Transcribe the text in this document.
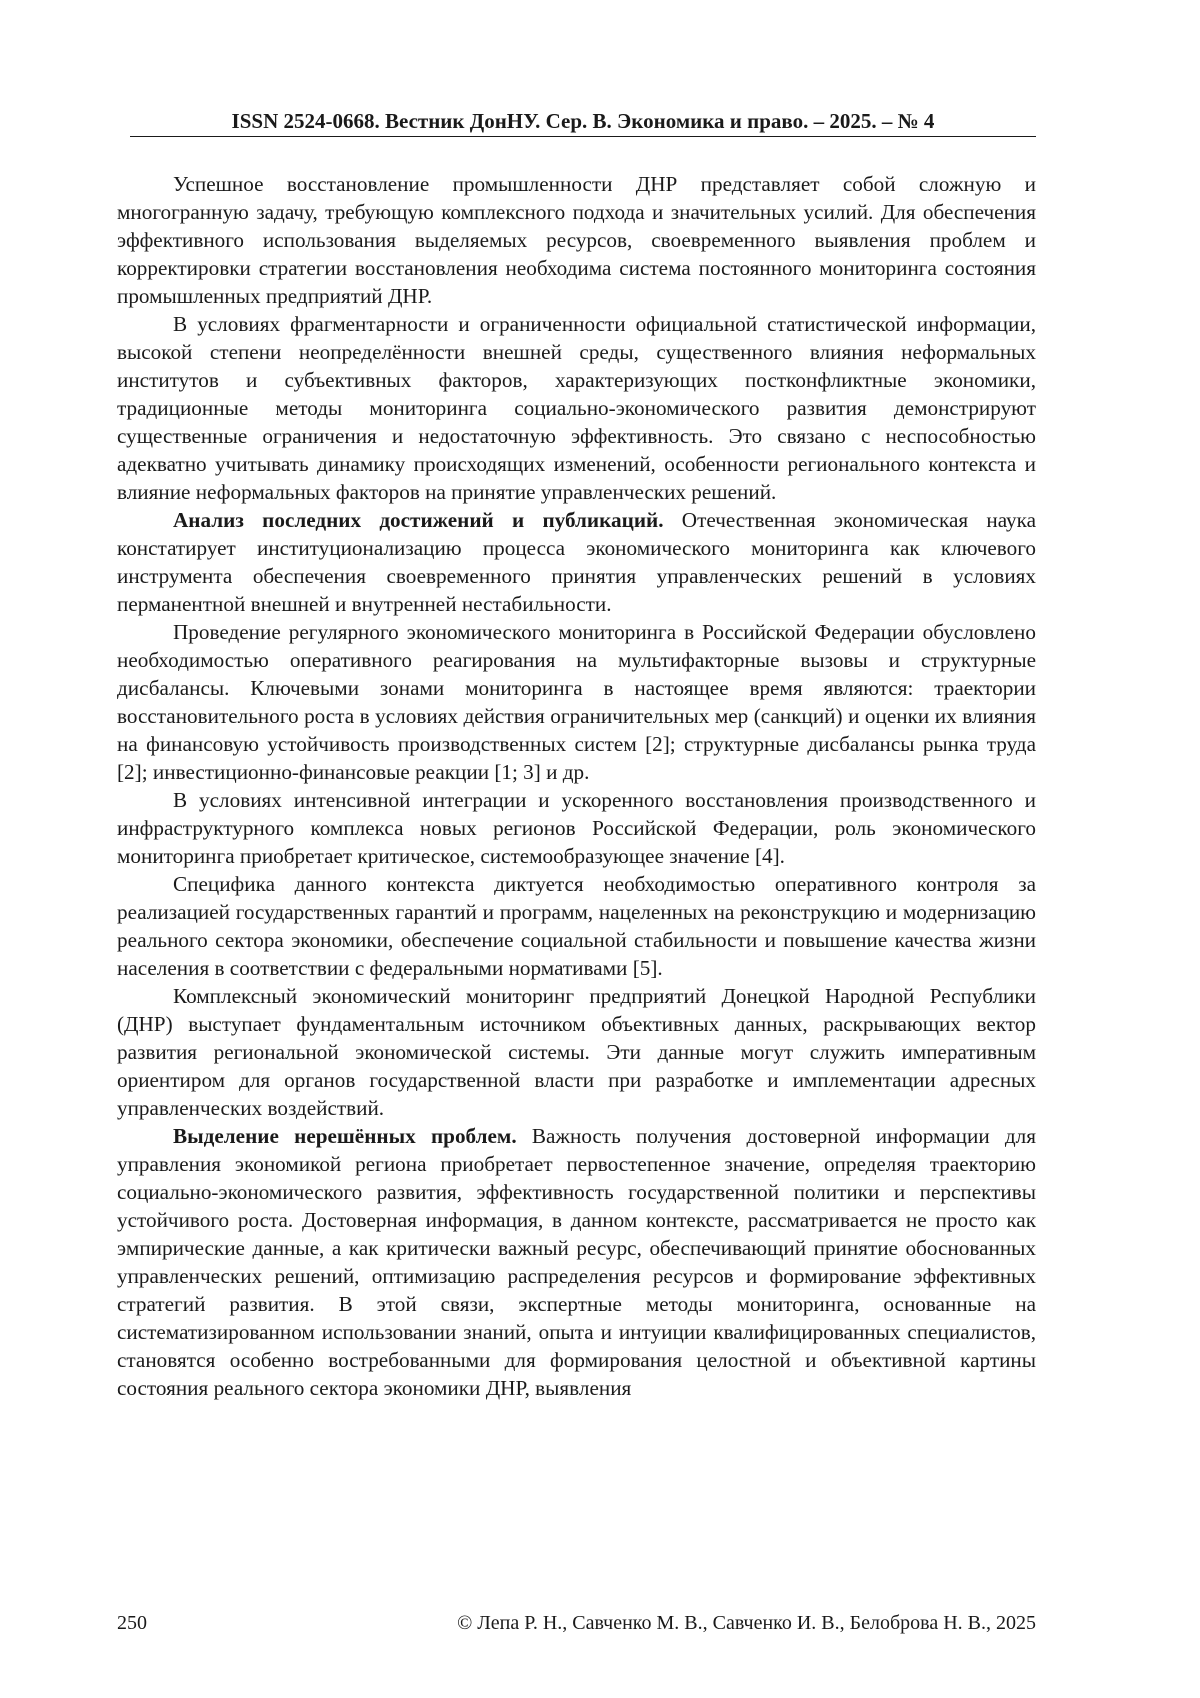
ISSN 2524-0668. Вестник ДонНУ. Сер. В. Экономика и право. – 2025. – № 4

Успешное восстановление промышленности ДНР представляет собой сложную и многогранную задачу, требующую комплексного подхода и значительных усилий. Для обеспечения эффективного использования выделяемых ресурсов, своевременного выявления проблем и корректировки стратегии восстановления необходима система постоянного мониторинга состояния промышленных предприятий ДНР.

В условиях фрагментарности и ограниченности официальной статистической информации, высокой степени неопределённости внешней среды, существенного влияния неформальных институтов и субъективных факторов, характеризующих постконфликтные экономики, традиционные методы мониторинга социально-экономического развития демонстрируют существенные ограничения и недостаточную эффективность. Это связано с неспособностью адекватно учитывать динамику происходящих изменений, особенности регионального контекста и влияние неформальных факторов на принятие управленческих решений.

Анализ последних достижений и публикаций. Отечественная экономическая наука констатирует институционализацию процесса экономического мониторинга как ключевого инструмента обеспечения своевременного принятия управленческих решений в условиях перманентной внешней и внутренней нестабильности.

Проведение регулярного экономического мониторинга в Российской Федерации обусловлено необходимостью оперативного реагирования на мультифакторные вызовы и структурные дисбалансы. Ключевыми зонами мониторинга в настоящее время являются: траектории восстановительного роста в условиях действия ограничительных мер (санкций) и оценки их влияния на финансовую устойчивость производственных систем [2]; структурные дисбалансы рынка труда [2]; инвестиционно-финансовые реакции [1; 3] и др.

В условиях интенсивной интеграции и ускоренного восстановления производственного и инфраструктурного комплекса новых регионов Российской Федерации, роль экономического мониторинга приобретает критическое, системообразующее значение [4].

Специфика данного контекста диктуется необходимостью оперативного контроля за реализацией государственных гарантий и программ, нацеленных на реконструкцию и модернизацию реального сектора экономики, обеспечение социальной стабильности и повышение качества жизни населения в соответствии с федеральными нормативами [5].

Комплексный экономический мониторинг предприятий Донецкой Народной Республики (ДНР) выступает фундаментальным источником объективных данных, раскрывающих вектор развития региональной экономической системы. Эти данные могут служить императивным ориентиром для органов государственной власти при разработке и имплементации адресных управленческих воздействий.

Выделение нерешённых проблем. Важность получения достоверной информации для управления экономикой региона приобретает первостепенное значение, определяя траекторию социально-экономического развития, эффективность государственной политики и перспективы устойчивого роста. Достоверная информация, в данном контексте, рассматривается не просто как эмпирические данные, а как критически важный ресурс, обеспечивающий принятие обоснованных управленческих решений, оптимизацию распределения ресурсов и формирование эффективных стратегий развития. В этой связи, экспертные методы мониторинга, основанные на систематизированном использовании знаний, опыта и интуиции квалифицированных специалистов, становятся особенно востребованными для формирования целостной и объективной картины состояния реального сектора экономики ДНР, выявления

250	© Лепа Р. Н., Савченко М. В., Савченко И. В., Белоброва Н. В., 2025
